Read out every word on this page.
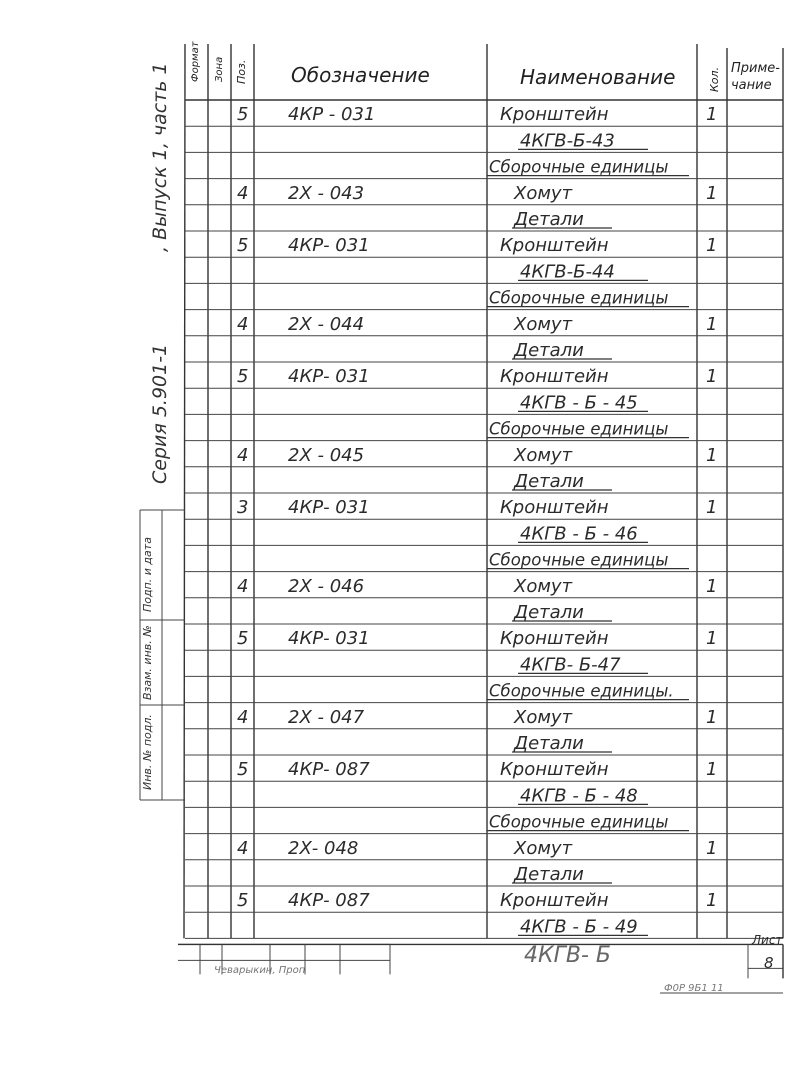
Формат Зона Поз. Обозначение	Наименование	Кол. Приме-
чание
5 4КР - 031	Кронштейн	1
4КГВ-Б-43
Сборочные единицы
4 2Х - 043	Хомут	1
Детали
5 4КР- 031	Кронштейн	1
4КГВ-Б-44
Сборочные единицы
4 2Х - 044	Хомут	1
Детали
5 4КР- 031	Кронштейн	1
4КГВ - Б - 45
Сборочные единицы
4 2Х - 045	Хомут	1
Детали
3 4КР- 031	Кронштейн	1
4КГВ - Б - 46
Сборочные единицы
4 2Х - 046	Хомут	1
Детали
5 4КР- 031	Кронштейн	1
4КГВ- Б-47
Сборочные единицы.
4 2Х - 047	Хомут	1
Детали
5 4КР- 087	Кронштейн	1
4КГВ - Б - 48
Сборочные единицы
4 2Х- 048	Хомут	1
Детали
5 4КР- 087	Кронштейн	1
4КГВ - Б - 49
, Выпуск 1, часть 1
Серия 5.901-1
Подп. и дата
Взам. инв. №
Инв. № подл.
4КГВ- Б
Лист
8
Чеварыкин, Проп
Ф0Р 9Б1 11
